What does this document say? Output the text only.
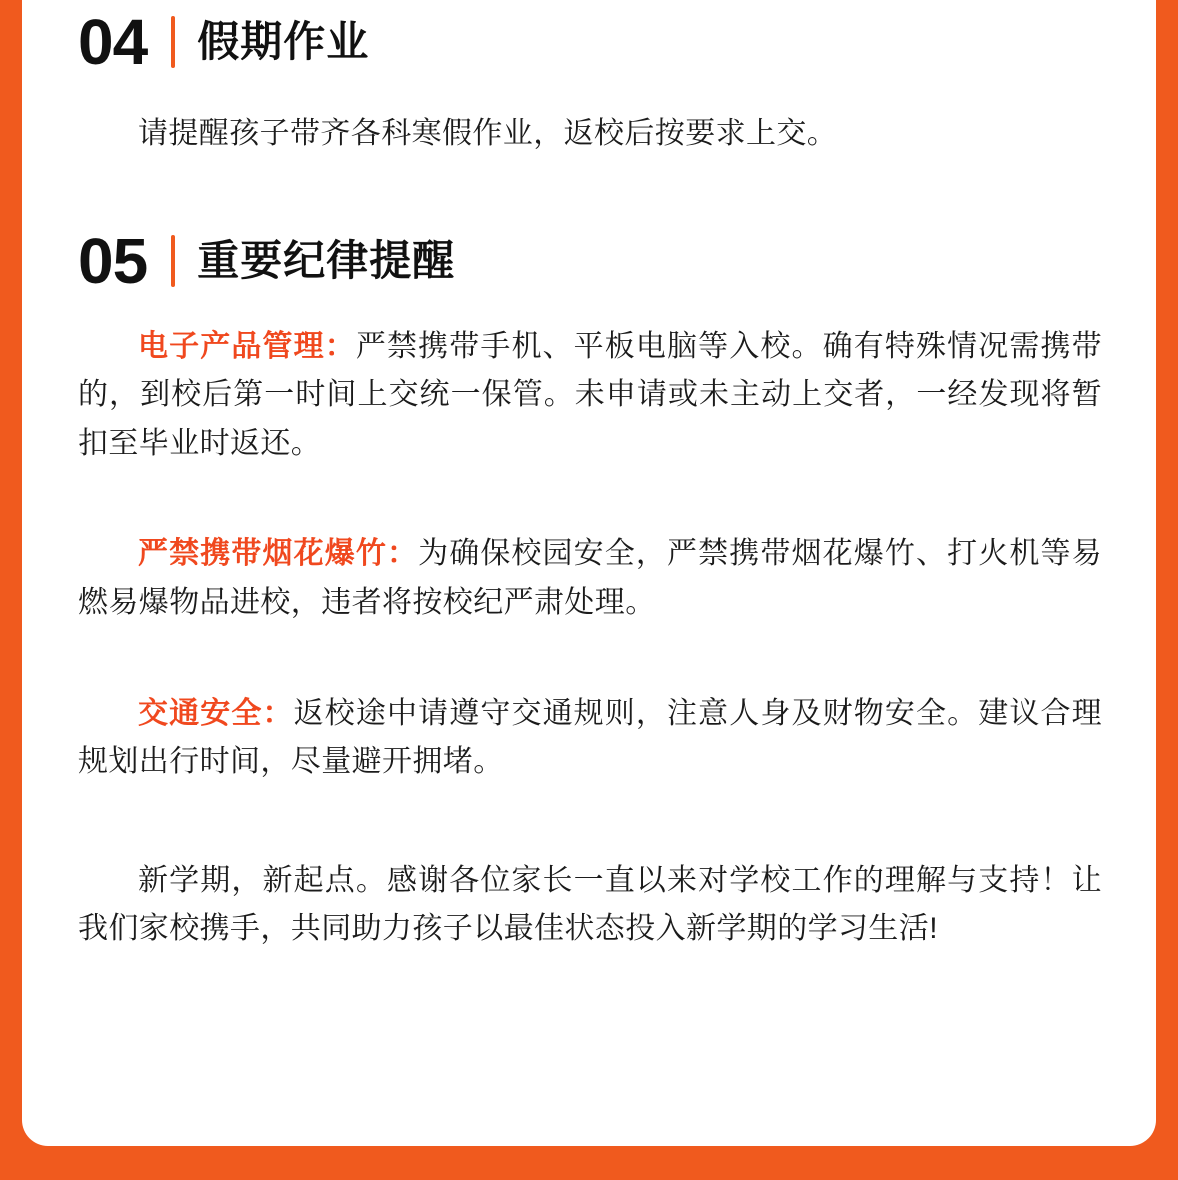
04 假期作业

请提醒孩子带齐各科寒假作业，返校后按要求上交。

05 重要纪律提醒

电子产品管理：严禁携带手机、平板电脑等入校。确有特殊情况需携带的，到校后第一时间上交统一保管。未申请或未主动上交者，一经发现将暂扣至毕业时返还。

严禁携带烟花爆竹：为确保校园安全，严禁携带烟花爆竹、打火机等易燃易爆物品进校，违者将按校纪严肃处理。

交通安全：返校途中请遵守交通规则，注意人身及财物安全。建议合理规划出行时间，尽量避开拥堵。

新学期，新起点。感谢各位家长一直以来对学校工作的理解与支持！让我们家校携手，共同助力孩子以最佳状态投入新学期的学习生活!
